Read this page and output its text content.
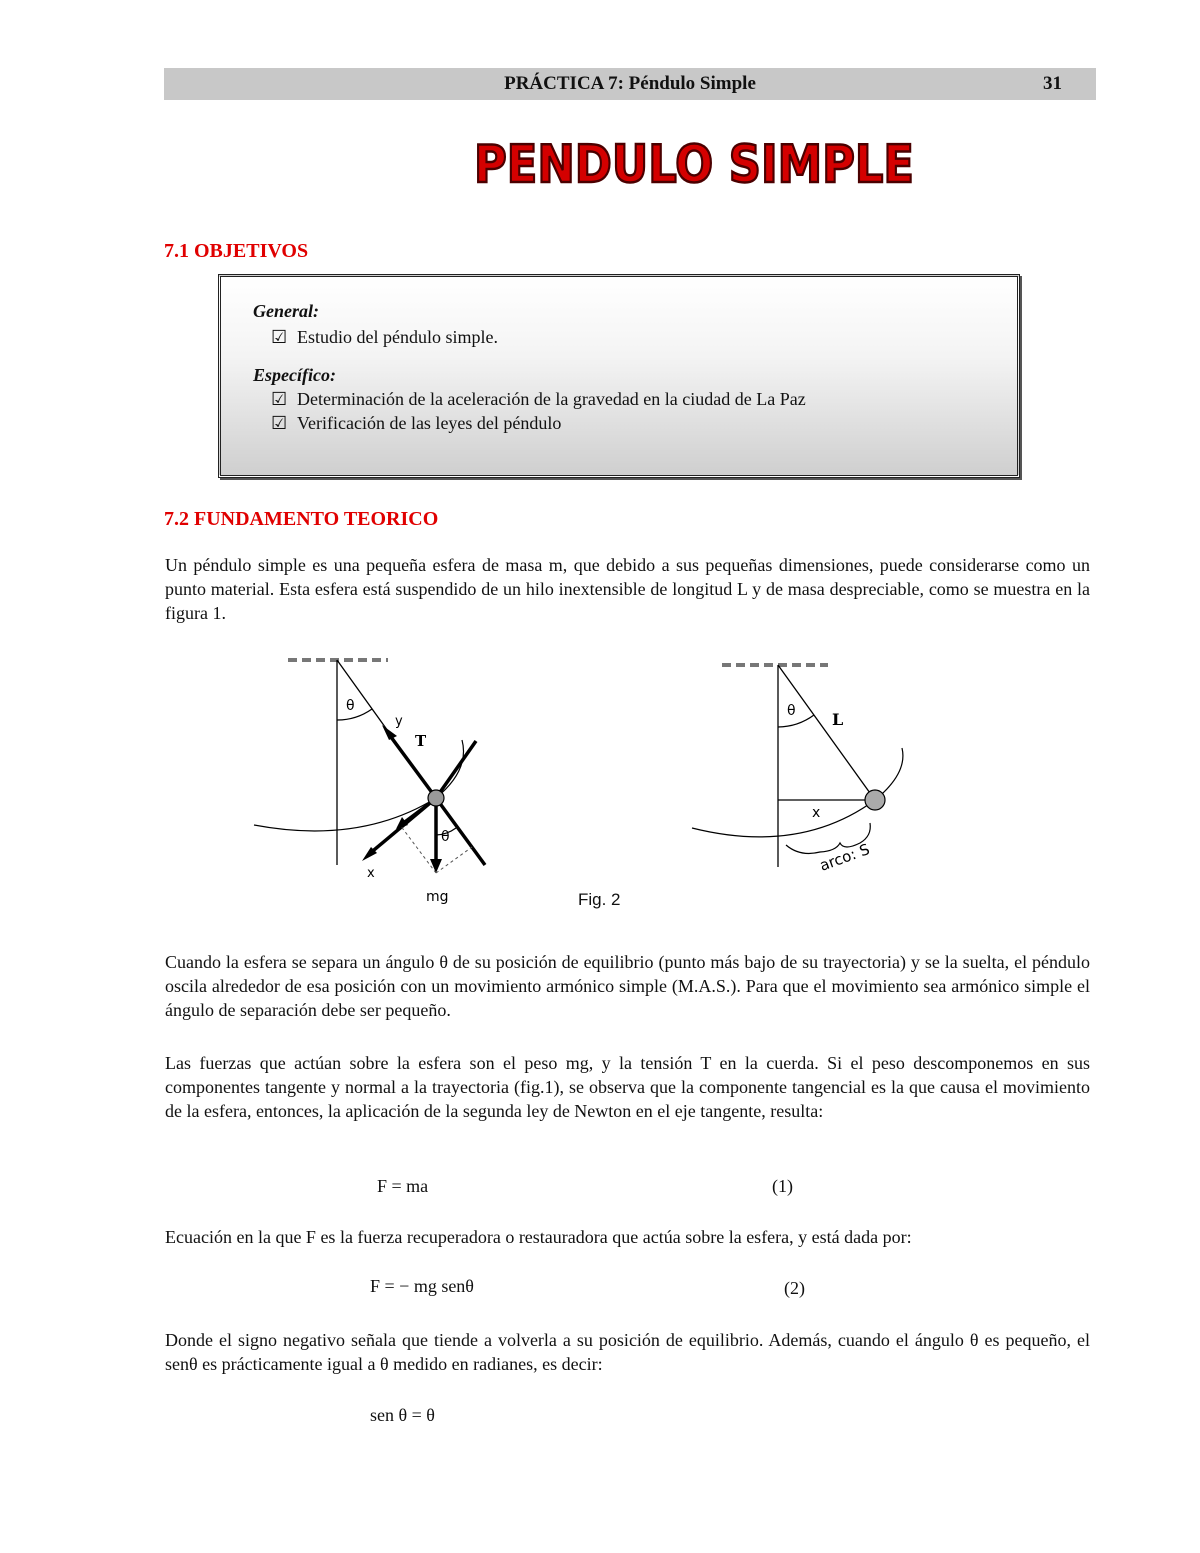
PRÁCTICA 7: Péndulo Simple	31
PENDULO SIMPLE
7.1 OBJETIVOS
General:
☑ Estudio del péndulo simple.
Específico:
☑ Determinación de la aceleración de la gravedad en la ciudad de La Paz
☑ Verificación de las leyes del péndulo
7.2 FUNDAMENTO TEORICO
Un péndulo simple es una pequeña esfera de masa m, que debido a sus pequeñas dimensiones, puede considerarse como un punto material. Esta esfera está suspendido de un hilo inextensible de longitud L y de masa despreciable, como se muestra en la figura 1.
θ
y
T
θ
x
mg
θ L
x
arco: S
Fig. 2
Cuando la esfera se separa un ángulo θ de su posición de equilibrio (punto más bajo de su trayectoria) y se la suelta, el péndulo oscila alrededor de esa posición con un movimiento armónico simple (M.A.S.). Para que el movimiento sea armónico simple el ángulo de separación debe ser pequeño.
Las fuerzas que actúan sobre la esfera son el peso mg, y la tensión T en la cuerda. Si el peso descomponemos en sus componentes tangente y normal a la trayectoria (fig.1), se observa que la componente tangencial es la que causa el movimiento de la esfera, entonces, la aplicación de la segunda ley de Newton en el eje tangente, resulta:
F = ma	(1)
Ecuación en la que F es la fuerza recuperadora o restauradora que actúa sobre la esfera, y está dada por:
F = − mg senθ	(2)
Donde el signo negativo señala que tiende a volverla a su posición de equilibrio. Además, cuando el ángulo θ es pequeño, el senθ es prácticamente igual a θ medido en radianes, es decir:
sen θ = θ
